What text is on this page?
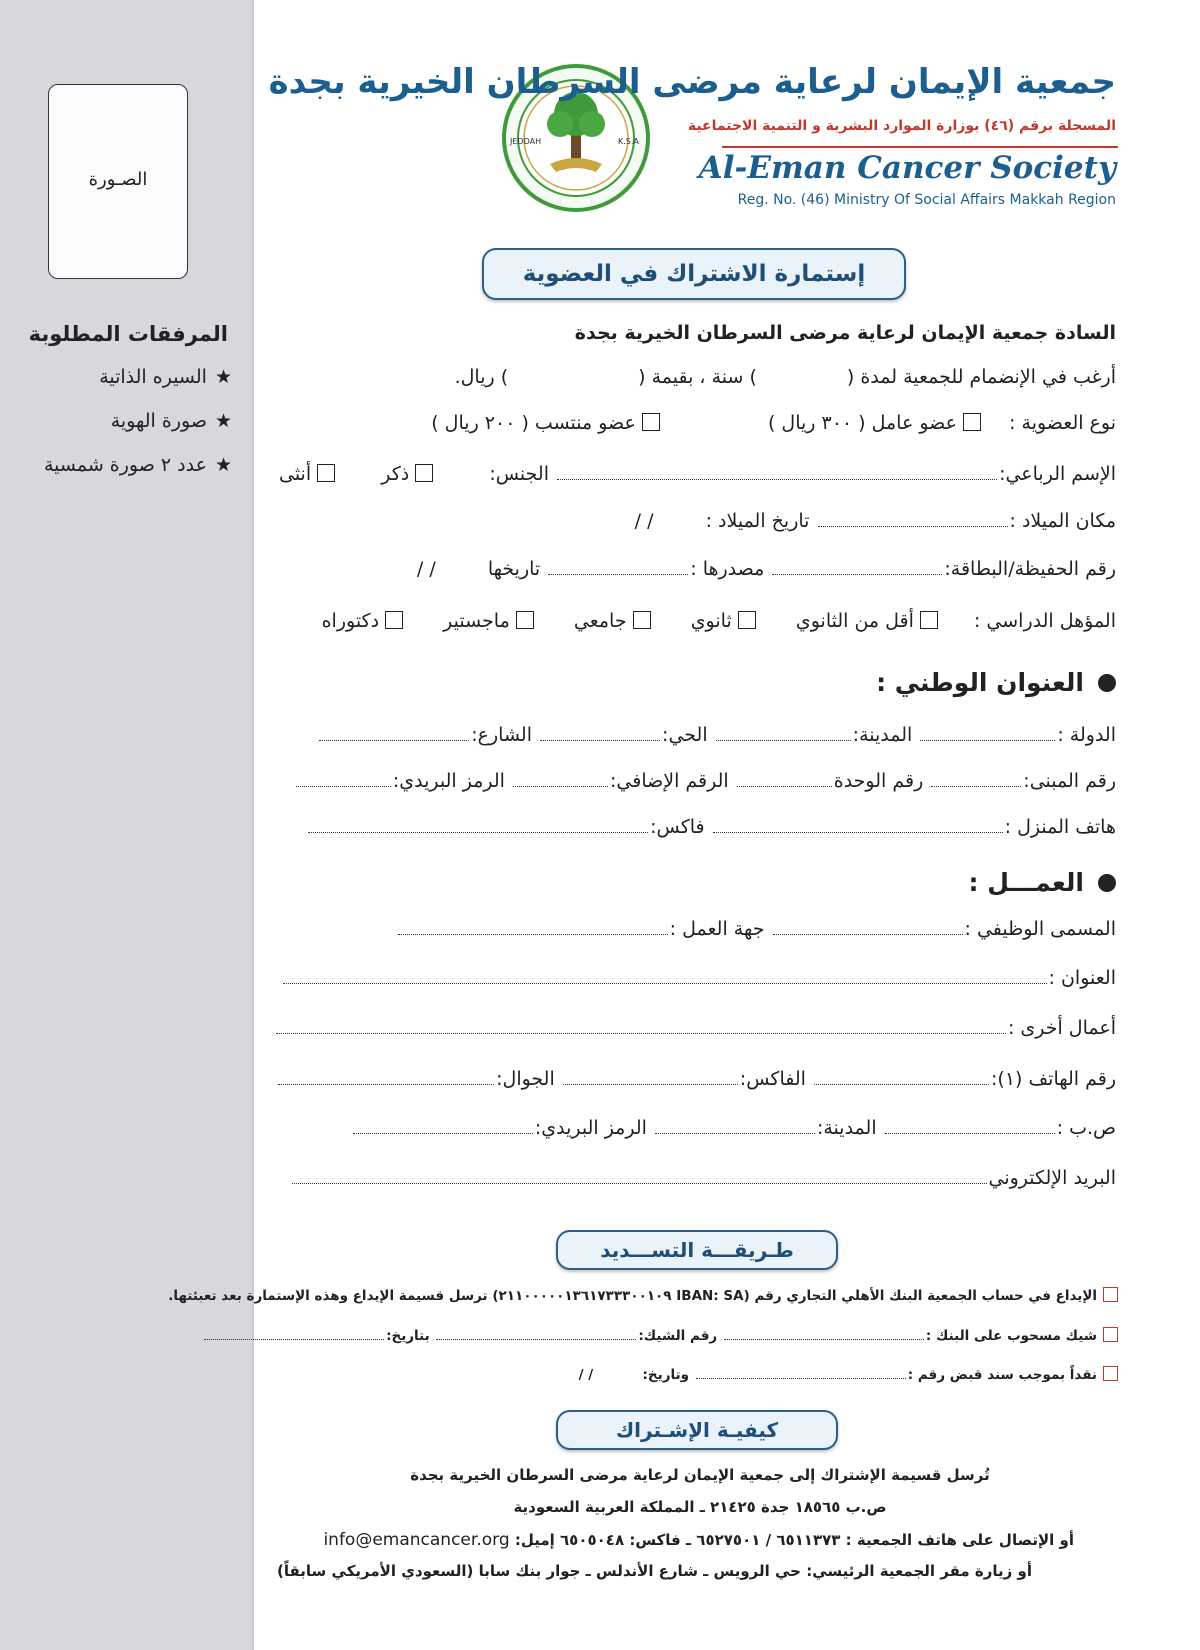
الصـورة
المرفقات المطلوبة
★السيره الذاتية
★صورة الهوية
★عدد ٢ صورة شمسية
JEDDAH	K.S.A
جمعية الإيمان لرعاية مرضى السرطان الخيرية بجدة
المسجلة برقم (٤٦) بوزارة الموارد البشرية و التنمية الاجتماعية
Al-Eman Cancer Society
Reg. No. (46) Ministry Of Social Affairs Makkah Region
إستمارة الاشتراك في العضوية
السادة جمعية الإيمان لرعاية مرضى السرطان الخيرية بجدة
أرغب في الإنضمام للجمعية لمدة () سنة ، بقيمة () ريال.
نوع العضوية :  عضو عامل ( ٣٠٠ ريال )  عضو منتسب ( ٢٠٠ ريال )
الإسم الرباعي: الجنس:  ذكر  أنثى
مكان الميلاد : تاريخ الميلاد :  / /
رقم الحفيظة/البطاقة: مصدرها : تاريخها  / /
المؤهل الدراسي :  أقل من الثانوي  ثانوي  جامعي  ماجستير  دكتوراه
العنوان الوطني :
الدولة : المدينة: الحي: الشارع:
رقم المبنى: رقم الوحدة الرقم الإضافي: الرمز البريدي:
هاتف المنزل : فاكس:
العمـــل :
المسمى الوظيفي : جهة العمل :
العنوان :
أعمال أخرى :
رقم الهاتف (١): الفاكس: الجوال:
ص.ب : المدينة: الرمز البريدي:
البريد الإلكتروني
طـريقـــة التســـديد
الإيداع في حساب الجمعية البنك الأهلي التجاري رقم (IBAN: SA ٢١١٠٠٠٠٠١٣٦١٧٣٣٣٠٠١٠٩) ترسل قسيمة الإيداع وهذه الإستمارة بعد تعبئتها.
شيك مسحوب على البنك : رقم الشيك: بتاريخ:
نقداً بموجب سند قبض رقم : وتاريخ:  / /
كيفيـة الإشـتراك
تُرسل قسيمة الإشتراك إلى جمعية الإيمان لرعاية مرضى السرطان الخيرية بجدة
ص.ب ١٨٥٦٥ جدة ٢١٤٢٥ ـ المملكة العربية السعودية
أو الإتصال على هاتف الجمعية : ٦٥١١٣٧٣ / ٦٥٢٧٥٠١ ـ فاكس: ٦٥٠٥٠٤٨ إميل: info@emancancer.org
أو زيارة مقر الجمعية الرئيسي: حي الرويس ـ شارع الأندلس ـ جوار بنك سابا (السعودي الأمريكي سابقاً)
